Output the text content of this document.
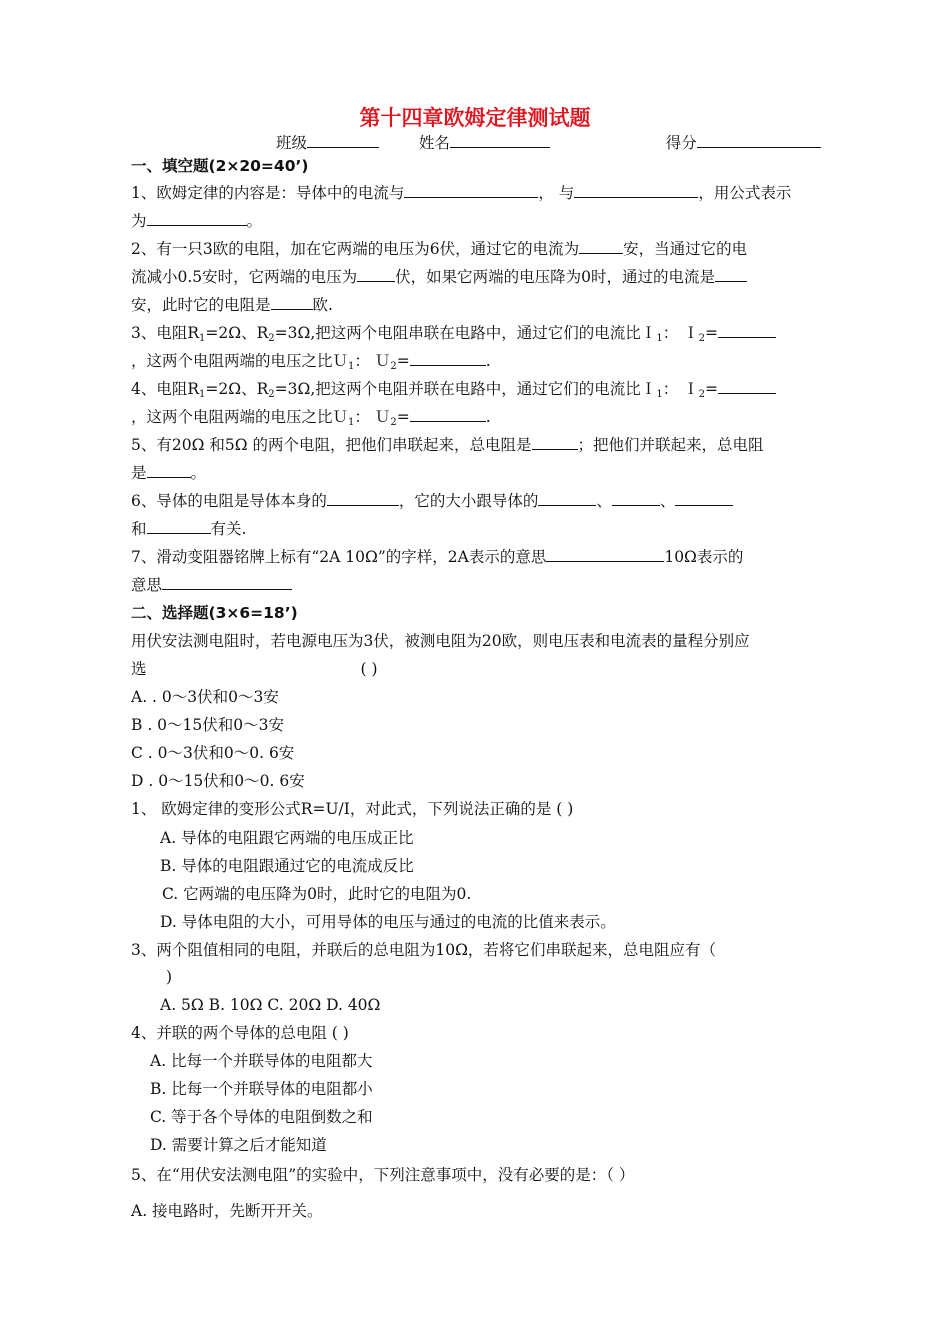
第十四章欧姆定律测试题
班级	姓名	得分
一、填空题(2×20=40’)
1、欧姆定律的内容是：导体中的电流与	， 与	，用公式表示
为	。
2、有一只3欧的电阻，加在它两端的电压为6伏，通过它的电流为	安，当通过它的电
流减小0.5安时，它两端的电压为 伏，如果它两端的电压降为0时，通过的电流是
安，此时它的电阻是	欧.
3、电阻$R_1=2\Omega$、$R_2=3\Omega$,把这两个电阻串联在电路中，通过它们的电流比Ｉ$_1$： Ｉ$_2$=
，这两个电阻两端的电压之比Ｕ$_1$： Ｕ$_2$=	.
4、电阻$R_1=2\Omega$、$R_2=3\Omega$,把这两个电阻并联在电路中，通过它们的电流比Ｉ$_1$： Ｉ$_2$=
，这两个电阻两端的电压之比Ｕ$_1$： Ｕ$_2$=	.
5、有20Ω 和5Ω 的两个电阻，把他们串联起来，总电阻是	；把他们并联起来，总电阻
是	。
6、导体的电阻是导体本身的	，它的大小跟导体的	、	、
和	有关.
7、滑动变阻器铭牌上标有“2A 10Ω”的字样，2A表示的意思	10Ω表示的
意思
二、选择题(3×6=18’)
用伏安法测电阻时，若电源电压为3伏，被测电阻为20欧，则电压表和电流表的量程分别应
选	( )
A. . 0～3伏和0～3安
B . 0～15伏和0～3安
C . 0～3伏和0～0. 6安
D . 0～15伏和0～0. 6安
1、 欧姆定律的变形公式R=U/I，对此式，下列说法正确的是 ( )
A. 导体的电阻跟它两端的电压成正比
B. 导体的电阻跟通过它的电流成反比
C. 它两端的电压降为0时，此时它的电阻为0.
D. 导体电阻的大小，可用导体的电压与通过的电流的比值来表示。
3、两个阻值相同的电阻，并联后的总电阻为10Ω，若将它们串联起来，总电阻应有（
)
A. 5Ω B. 10Ω C. 20Ω D. 40Ω
4、并联的两个导体的总电阻 ( )
A. 比每一个并联导体的电阻都大
B. 比每一个并联导体的电阻都小
C. 等于各个导体的电阻倒数之和
D. 需要计算之后才能知道
5、在“用伏安法测电阻”的实验中，下列注意事项中，没有必要的是：（ ）
A. 接电路时，先断开开关。
